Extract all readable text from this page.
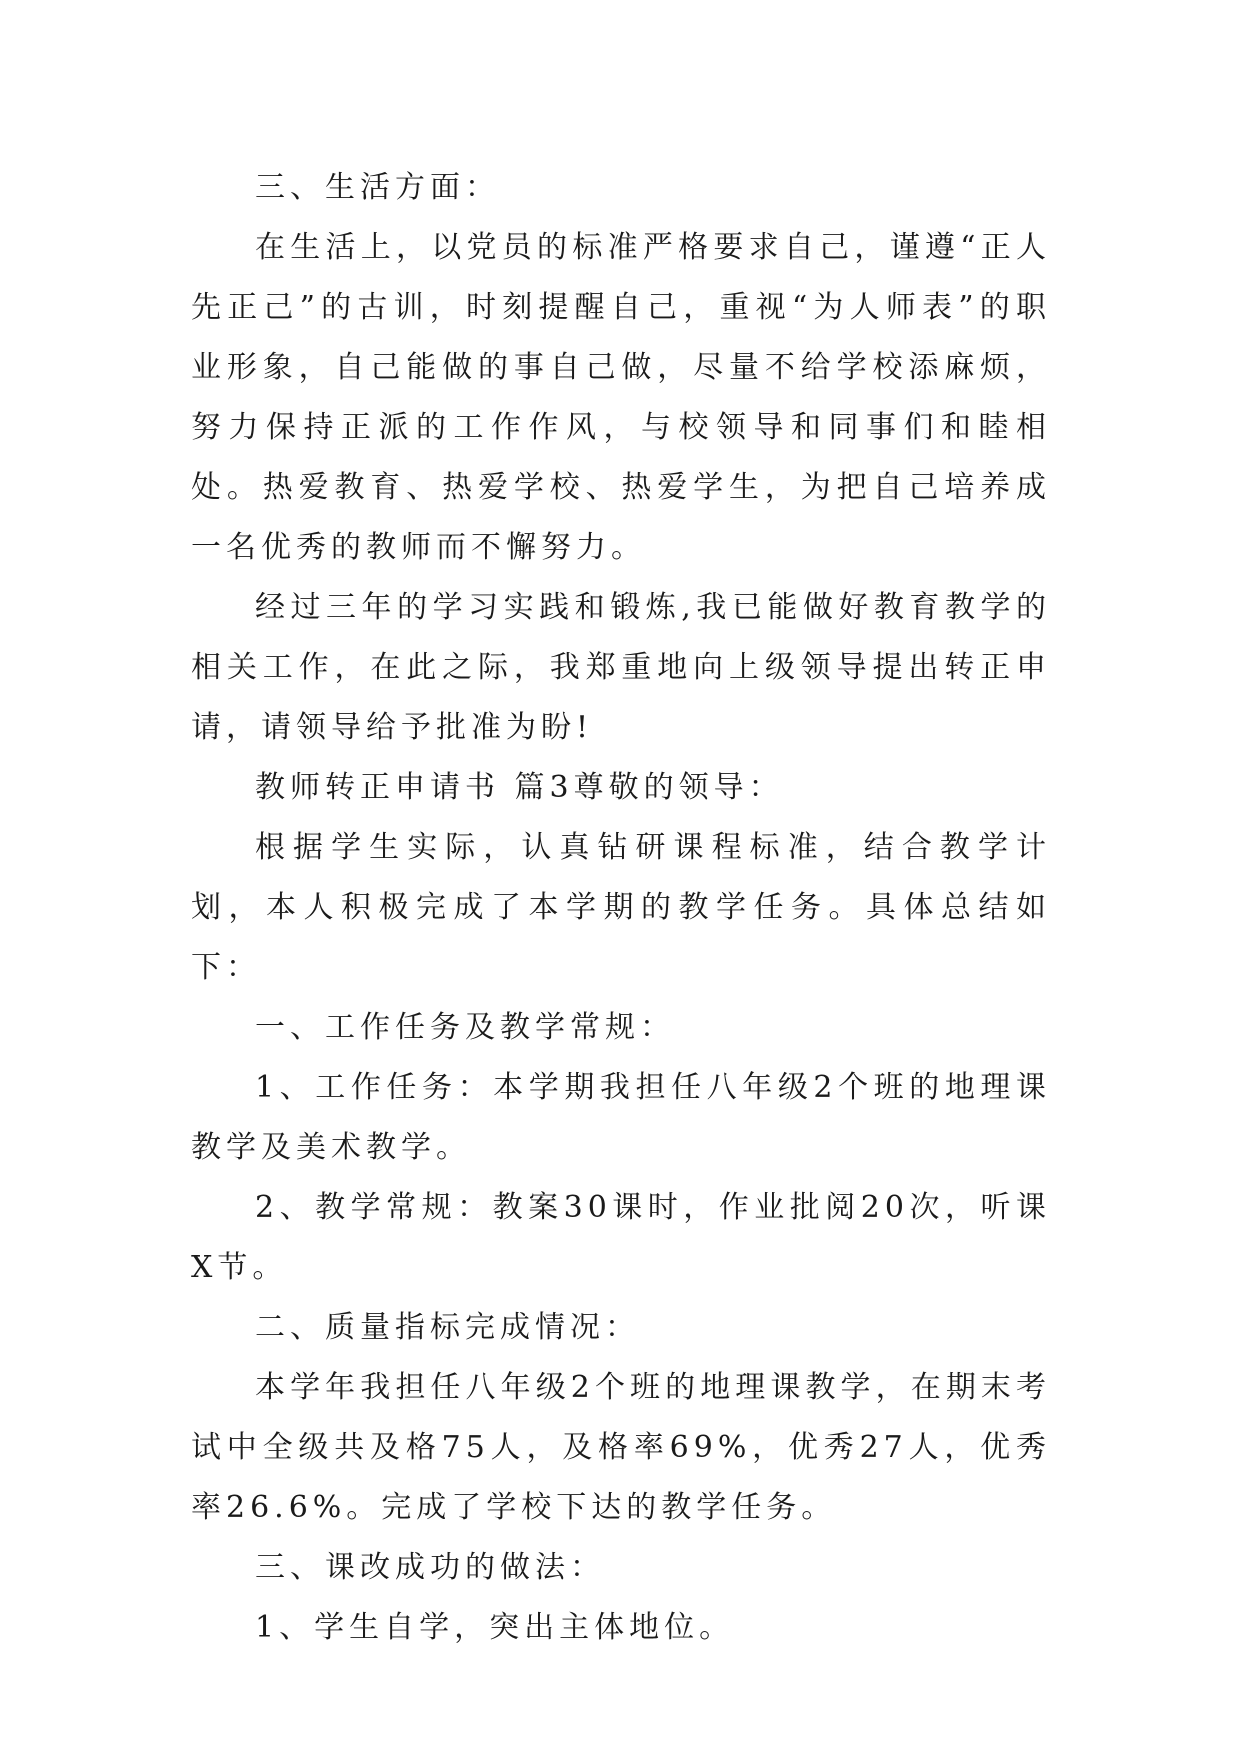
三、生活方面：

在生活上，以党员的标准严格要求自己，谨遵“正人先正己”的古训，时刻提醒自己，重视“为人师表”的职业形象，自己能做的事自己做，尽量不给学校添麻烦，努力保持正派的工作作风，与校领导和同事们和睦相处。热爱教育、热爱学校、热爱学生，为把自己培养成一名优秀的教师而不懈努力。

经过三年的学习实践和锻炼,我已能做好教育教学的相关工作，在此之际，我郑重地向上级领导提出转正申请，请领导给予批准为盼!

教师转正申请书 篇3尊敬的领导：

根据学生实际，认真钻研课程标准，结合教学计划，本人积极完成了本学期的教学任务。具体总结如下：

一、工作任务及教学常规：

1、工作任务：本学期我担任八年级2个班的地理课教学及美术教学。

2、教学常规：教案30课时，作业批阅20次，听课X节。

二、质量指标完成情况：

本学年我担任八年级2个班的地理课教学，在期末考试中全级共及格75人，及格率69%，优秀27人，优秀率26.6%。完成了学校下达的教学任务。

三、课改成功的做法：

1、学生自学，突出主体地位。
